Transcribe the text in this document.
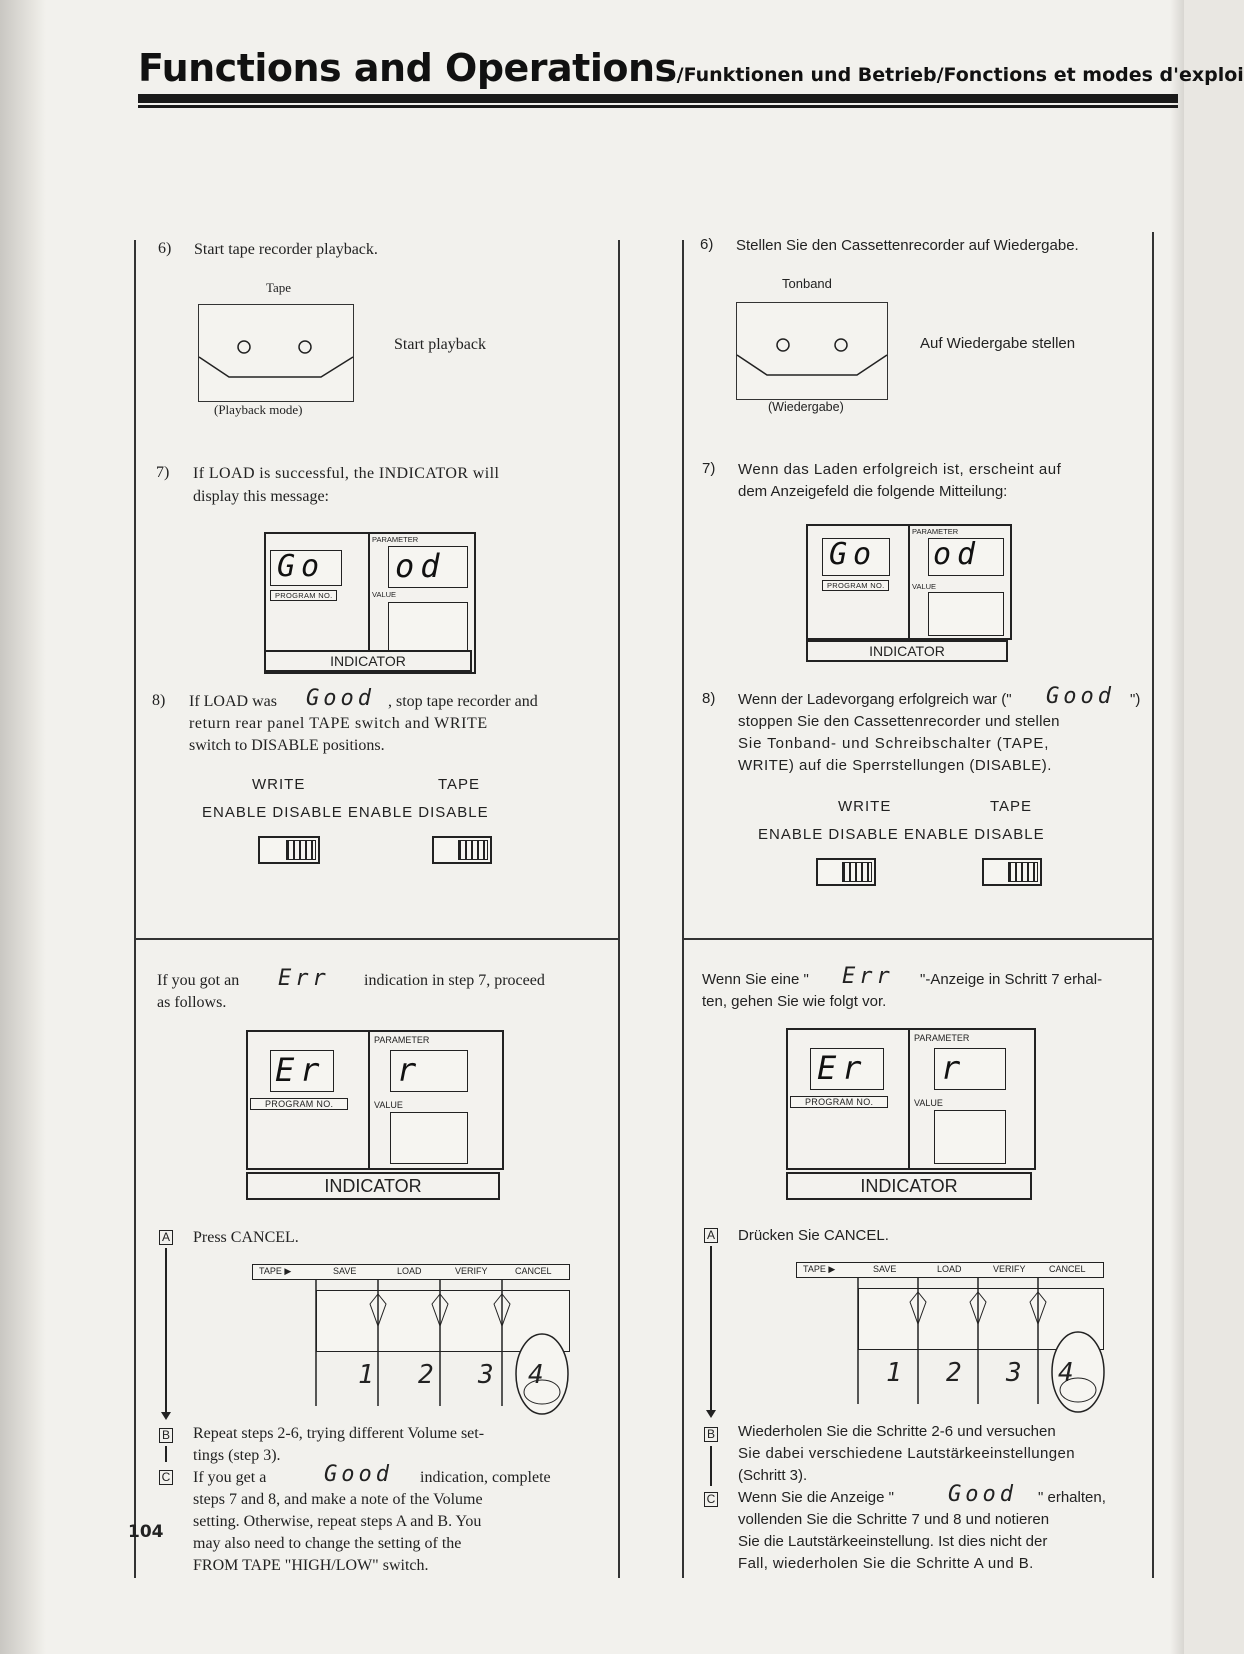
Functions and Operations/Funktionen und Betrieb/Fonctions et modes d'exploi
6) Start tape recorder playback.
Tape
Start playback
(Playback mode)
7) If LOAD is successful, the INDICATOR will
display this message:
PARAMETER
Go od
PROGRAM NO.	VALUE
INDICATOR
8) If LOAD was Good , stop tape recorder and
return rear panel TAPE switch and WRITE
switch to DISABLE positions.
WRITE	TAPE
ENABLE DISABLE ENABLE DISABLE
If you got an Err indication in step 7, proceed
as follows.
PARAMETER
Er r
PROGRAM NO.	VALUE
INDICATOR
A Press CANCEL.
TAPE ▶	SAVE	LOAD	VERIFY	CANCEL
1 2 3 4
B Repeat steps 2-6, trying different Volume set-
tings (step 3).
C If you get a	Good indication, complete
steps 7 and 8, and make a note of the Volume
setting. Otherwise, repeat steps A and B. You
may also need to change the setting of the
FROM TAPE "HIGH/LOW" switch.
6) Stellen Sie den Cassettenrecorder auf Wiedergabe.
Tonband
Auf Wiedergabe stellen
(Wiedergabe)
7) Wenn das Laden erfolgreich ist, erscheint auf
dem Anzeigefeld die folgende Mitteilung:
PARAMETER
Go od
PROGRAM NO.	VALUE
INDICATOR
8) Wenn der Ladevorgang erfolgreich war (" Good ")
stoppen Sie den Cassettenrecorder und stellen
Sie Tonband- und Schreibschalter (TAPE,
WRITE) auf die Sperrstellungen (DISABLE).
WRITE	TAPE
ENABLE DISABLE ENABLE DISABLE
Wenn Sie eine " Err "-Anzeige in Schritt 7 erhal-
ten, gehen Sie wie folgt vor.
PARAMETER
Er r
PROGRAM NO.	VALUE
INDICATOR
A Drücken Sie CANCEL.
TAPE ▶	SAVE	LOAD	VERIFY	CANCEL
1 2 3 4
B Wiederholen Sie die Schritte 2-6 und versuchen
Sie dabei verschiedene Lautstärkeeinstellungen
(Schritt 3).
C Wenn Sie die Anzeige " Good " erhalten,
vollenden Sie die Schritte 7 und 8 und notieren
Sie die Lautstärkeeinstellung. Ist dies nicht der
Fall, wiederholen Sie die Schritte A und B.
104
